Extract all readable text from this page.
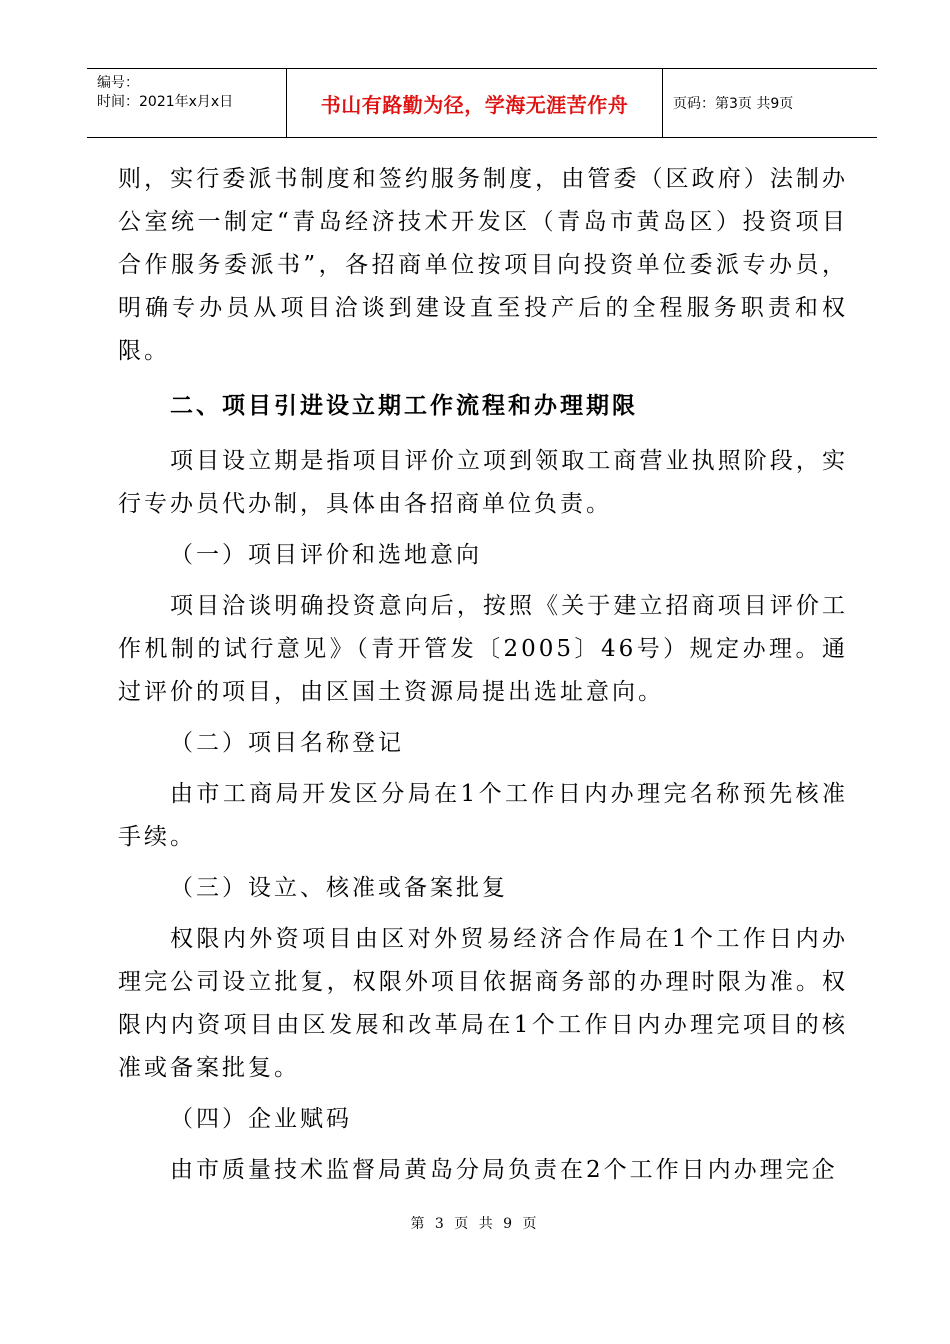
编号：
时间：2021年x月x日	书山有路勤为径，学海无涯苦作舟	页码：第3页 共9页

则，实行委派书制度和签约服务制度，由管委（区政府）法制办公室统一制定“青岛经济技术开发区（青岛市黄岛区）投资项目合作服务委派书”，各招商单位按项目向投资单位委派专办员，明确专办员从项目洽谈到建设直至投产后的全程服务职责和权限。

二、项目引进设立期工作流程和办理期限

项目设立期是指项目评价立项到领取工商营业执照阶段，实行专办员代办制，具体由各招商单位负责。

（一）项目评价和选地意向

项目洽谈明确投资意向后，按照《关于建立招商项目评价工作机制的试行意见》（青开管发〔2005〕46号）规定办理。通过评价的项目，由区国土资源局提出选址意向。

（二）项目名称登记

由市工商局开发区分局在1个工作日内办理完名称预先核准手续。

（三）设立、核准或备案批复

权限内外资项目由区对外贸易经济合作局在1个工作日内办理完公司设立批复，权限外项目依据商务部的办理时限为准。权限内内资项目由区发展和改革局在1个工作日内办理完项目的核准或备案批复。

（四）企业赋码

由市质量技术监督局黄岛分局负责在2个工作日内办理完企

第 3 页 共 9 页
